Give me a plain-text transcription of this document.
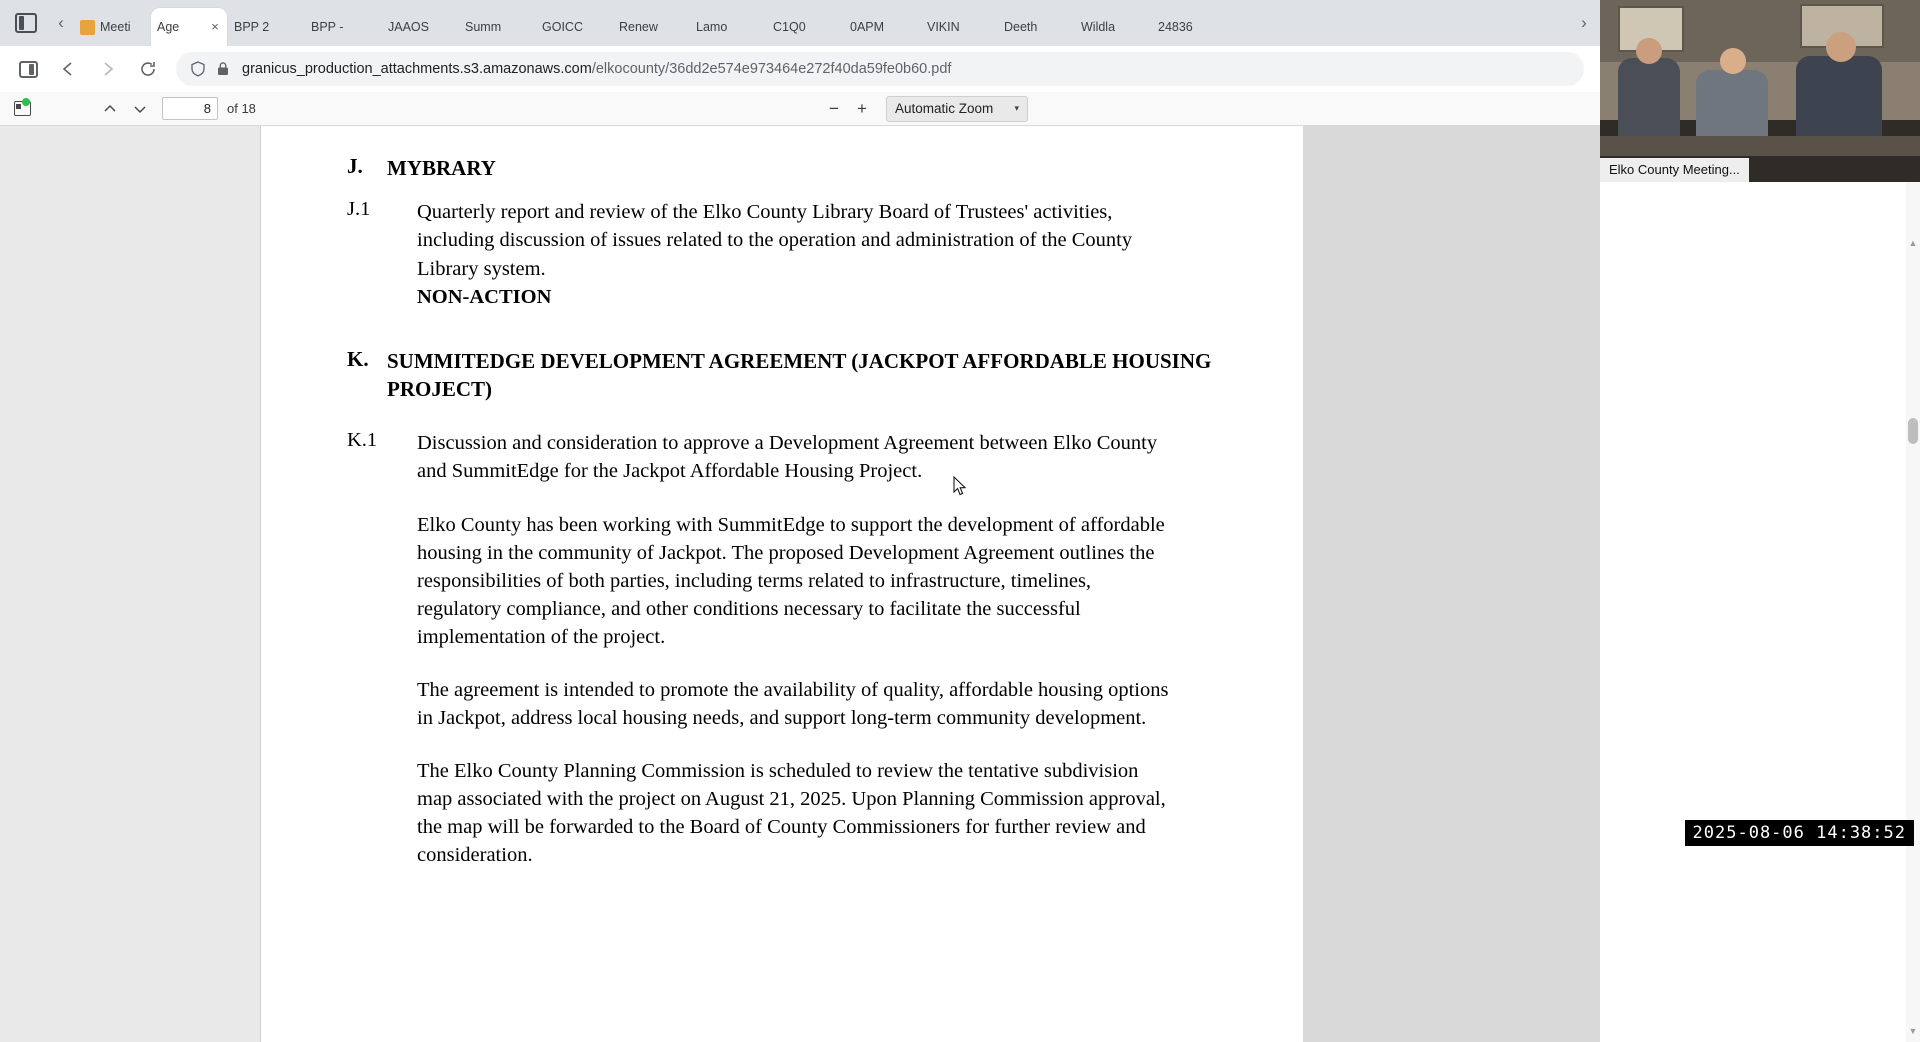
‹	Meeti Age	×	BPP 2	BPP -	JAAOS	Summ	GOICC	Renew	Lamo	C1Q0	0APM	VIKIN	Deeth	Wildla	24836	›
granicus_production_attachments.s3.amazonaws.com /elkocounty/36dd2e574e973464e272f40da59fe0b60.pdf
8
of 18	−	+	Automatic Zoom ▾
J.	MYBRARY
J.1	Quarterly report and review of the Elko County Library Board of Trustees' activities, including discussion of issues related to the operation and administration of the County Library system.

NON-ACTION

K. SUMMITEDGE DEVELOPMENT AGREEMENT (JACKPOT AFFORDABLE HOUSING PROJECT)
K.1	Discussion and consideration to approve a Development Agreement between Elko County and SummitEdge for the Jackpot Affordable Housing Project.

Elko County has been working with SummitEdge to support the development of affordable housing in the community of Jackpot. The proposed Development Agreement outlines the responsibilities of both parties, including terms related to infrastructure, timelines, regulatory compliance, and other conditions necessary to facilitate the successful implementation of the project.

The agreement is intended to promote the availability of quality, affordable housing options in Jackpot, address local housing needs, and support long-term community development.

The Elko County Planning Commission is scheduled to review the tentative subdivision map associated with the project on August 21, 2025. Upon Planning Commission approval, the map will be forwarded to the Board of County Commissioners for further review and consideration.

Elko County Meeting...
▲
▼
2025-08-06 14:38:52
